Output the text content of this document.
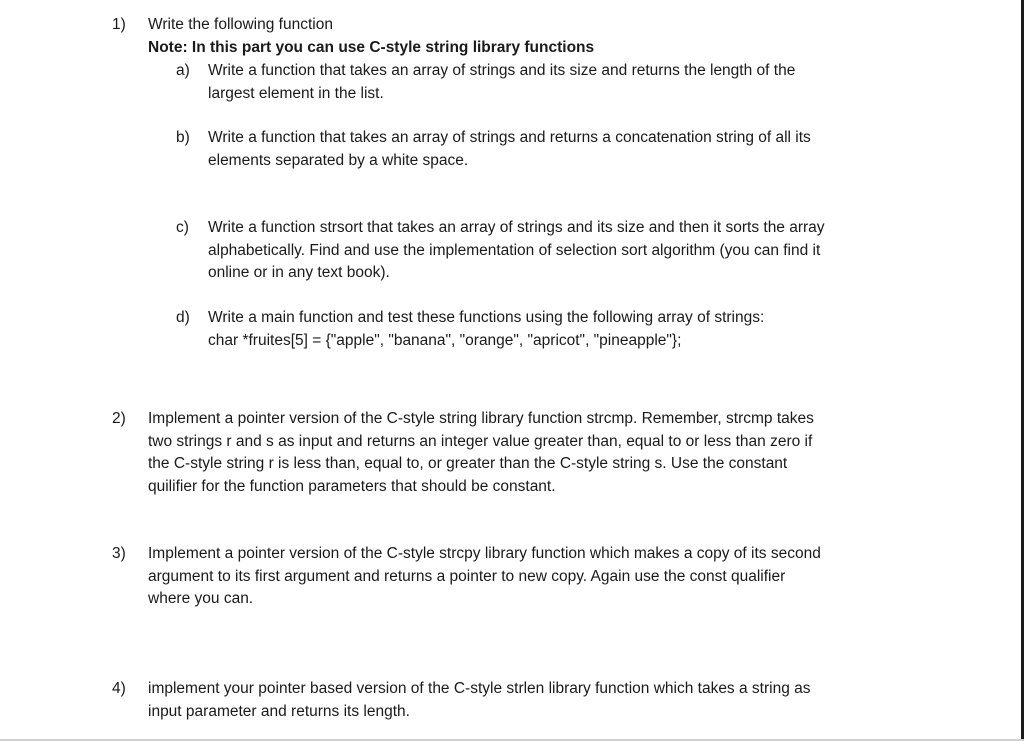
1)	Write the following function
Note: In this part you can use C-style string library functions
a)	Write a function that takes an array of strings and its size and returns the length of the
largest element in the list.
b)	Write a function that takes an array of strings and returns a concatenation string of all its
elements separated by a white space.
c)	Write a function strsort that takes an array of strings and its size and then it sorts the array
alphabetically. Find and use the implementation of selection sort algorithm (you can find it
online or in any text book).
d)	Write a main function and test these functions using the following array of strings:
char *fruites[5] = {"apple", "banana", "orange", "apricot", "pineapple"};
2)	Implement a pointer version of the C-style string library function strcmp. Remember, strcmp takes
two strings r and s as input and returns an integer value greater than, equal to or less than zero if
the C-style string r is less than, equal to, or greater than the C-style string s. Use the constant
quilifier for the function parameters that should be constant.
3)	Implement a pointer version of the C-style strcpy library function which makes a copy of its second
argument to its first argument and returns a pointer to new copy. Again use the const qualifier
where you can.
4)	implement your pointer based version of the C-style strlen library function which takes a string as
input parameter and returns its length.
